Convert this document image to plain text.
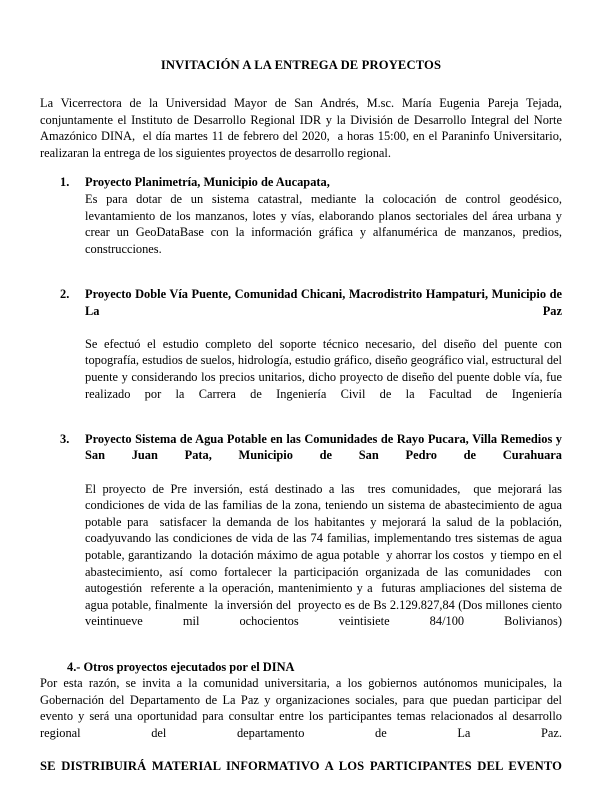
INVITACIÓN A LA ENTREGA DE PROYECTOS

La Vicerrectora de la Universidad Mayor de San Andrés, M.sc. María Eugenia Pareja Tejada, conjuntamente el Instituto de Desarrollo Regional IDR y la División de Desarrollo Integral del Norte Amazónico DINA,  el día martes 11 de febrero del 2020,  a horas 15:00, en el Paraninfo Universitario, realizaran la entrega de los siguientes proyectos de desarrollo regional.

1.	Proyecto Planimetría, Municipio de Aucapata,

Es para dotar de un sistema catastral, mediante la colocación de control geodésico, levantamiento de los manzanos, lotes y vías, elaborando planos sectoriales del área urbana y crear un GeoDataBase con la información gráfica y alfanumérica de manzanos, predios, construcciones.

2.	Proyecto Doble Vía Puente, Comunidad Chicani, Macrodistrito Hampaturi, Municipio de La Paz

Se efectuó el estudio completo del soporte técnico necesario, del diseño del puente con topografía, estudios de suelos, hidrología, estudio gráfico, diseño geográfico vial, estructural del puente y considerando los precios unitarios, dicho proyecto de diseño del puente doble vía, fue realizado por la Carrera de Ingeniería Civil de la Facultad de Ingeniería

3.	Proyecto Sistema de Agua Potable en las Comunidades de Rayo Pucara, Villa Remedios y San Juan Pata, Municipio de San Pedro de Curahuara

El proyecto de Pre inversión, está destinado a las  tres comunidades,  que mejorará las condiciones de vida de las familias de la zona, teniendo un sistema de abastecimiento de agua potable para  satisfacer la demanda de los habitantes y mejorará la salud de la población, coadyuvando las condiciones de vida de las 74 familias, implementando tres sistemas de agua potable, garantizando  la dotación máximo de agua potable  y ahorrar los costos  y tiempo en el abastecimiento, así como fortalecer la participación organizada de las comunidades  con autogestión  referente a la operación, mantenimiento y a  futuras ampliaciones del sistema de agua potable, finalmente  la inversión del  proyecto es de Bs 2.129.827,84 (Dos millones ciento veintinueve mil ochocientos veintisiete 84/100 Bolivianos)

4.- Otros proyectos ejecutados por el DINA

Por esta razón, se invita a la comunidad universitaria, a los gobiernos autónomos municipales, la Gobernación del Departamento de La Paz y organizaciones sociales, para que puedan participar del evento y será una oportunidad para consultar entre los participantes temas relacionados al desarrollo regional del departamento de La Paz.

SE DISTRIBUIRÁ MATERIAL INFORMATIVO A LOS PARTICIPANTES DEL EVENTO
